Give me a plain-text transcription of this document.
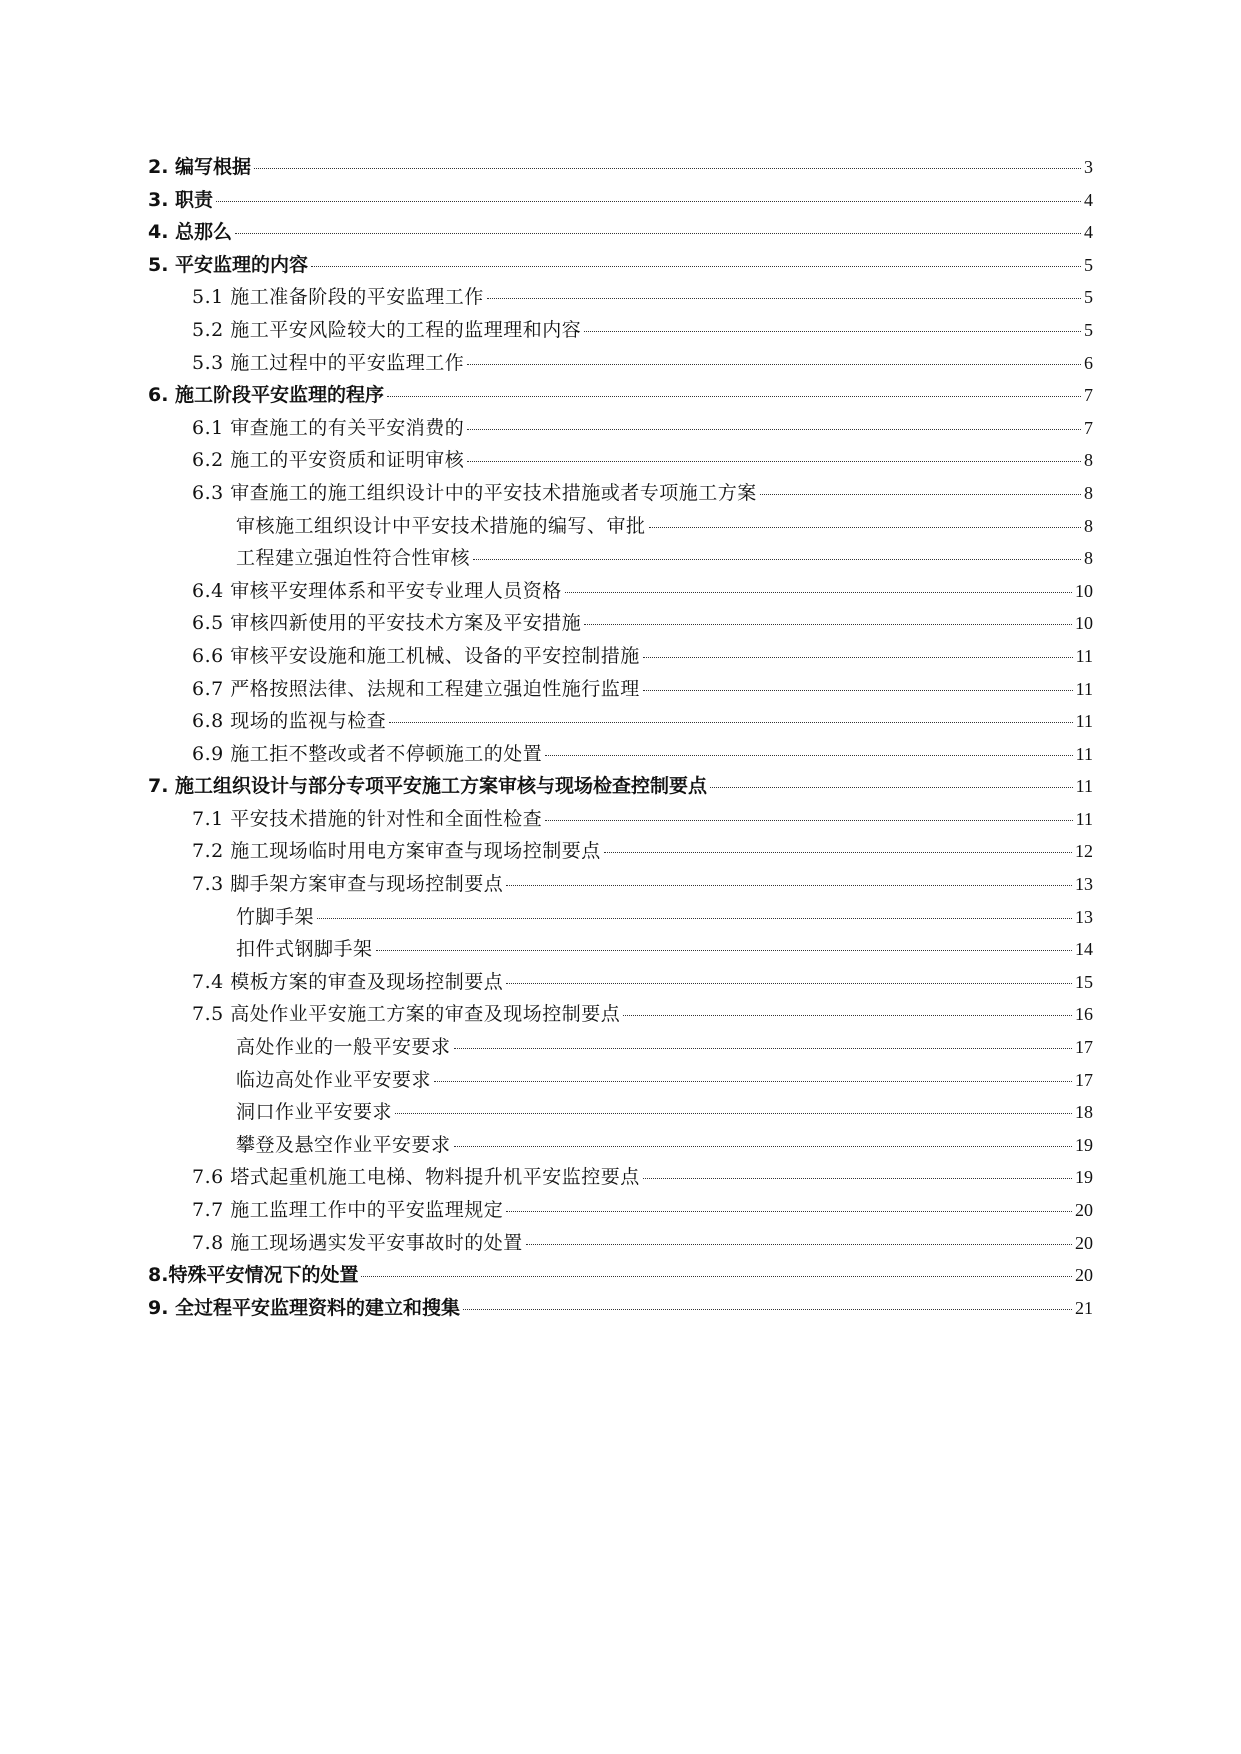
2. 编写根据	3
3. 职责	4
4. 总那么	4
5. 平安监理的内容	5
5.1 施工准备阶段的平安监理工作	5
5.2 施工平安风险较大的工程的监理理和内容	5
5.3 施工过程中的平安监理工作	6
6. 施工阶段平安监理的程序	7
6.1 审查施工的有关平安消费的	7
6.2 施工的平安资质和证明审核	8
6.3 审查施工的施工组织设计中的平安技术措施或者专项施工方案	8
审核施工组织设计中平安技术措施的编写、审批	8
工程建立强迫性符合性审核	8
6.4 审核平安理体系和平安专业理人员资格	10
6.5 审核四新使用的平安技术方案及平安措施	10
6.6 审核平安设施和施工机械、设备的平安控制措施	11
6.7 严格按照法律、法规和工程建立强迫性施行监理	11
6.8 现场的监视与检查	11
6.9 施工拒不整改或者不停顿施工的处置	11
7. 施工组织设计与部分专项平安施工方案审核与现场检查控制要点	11
7.1 平安技术措施的针对性和全面性检查	11
7.2 施工现场临时用电方案审查与现场控制要点	12
7.3 脚手架方案审查与现场控制要点	13
竹脚手架	13
扣件式钢脚手架	14
7.4 模板方案的审查及现场控制要点	15
7.5 高处作业平安施工方案的审查及现场控制要点	16
高处作业的一般平安要求	17
临边高处作业平安要求	17
洞口作业平安要求	18
攀登及悬空作业平安要求	19
7.6 塔式起重机施工电梯、物料提升机平安监控要点	19
7.7 施工监理工作中的平安监理规定	20
7.8 施工现场遇实发平安事故时的处置	20
8.特殊平安情况下的处置	20
9. 全过程平安监理资料的建立和搜集	21
